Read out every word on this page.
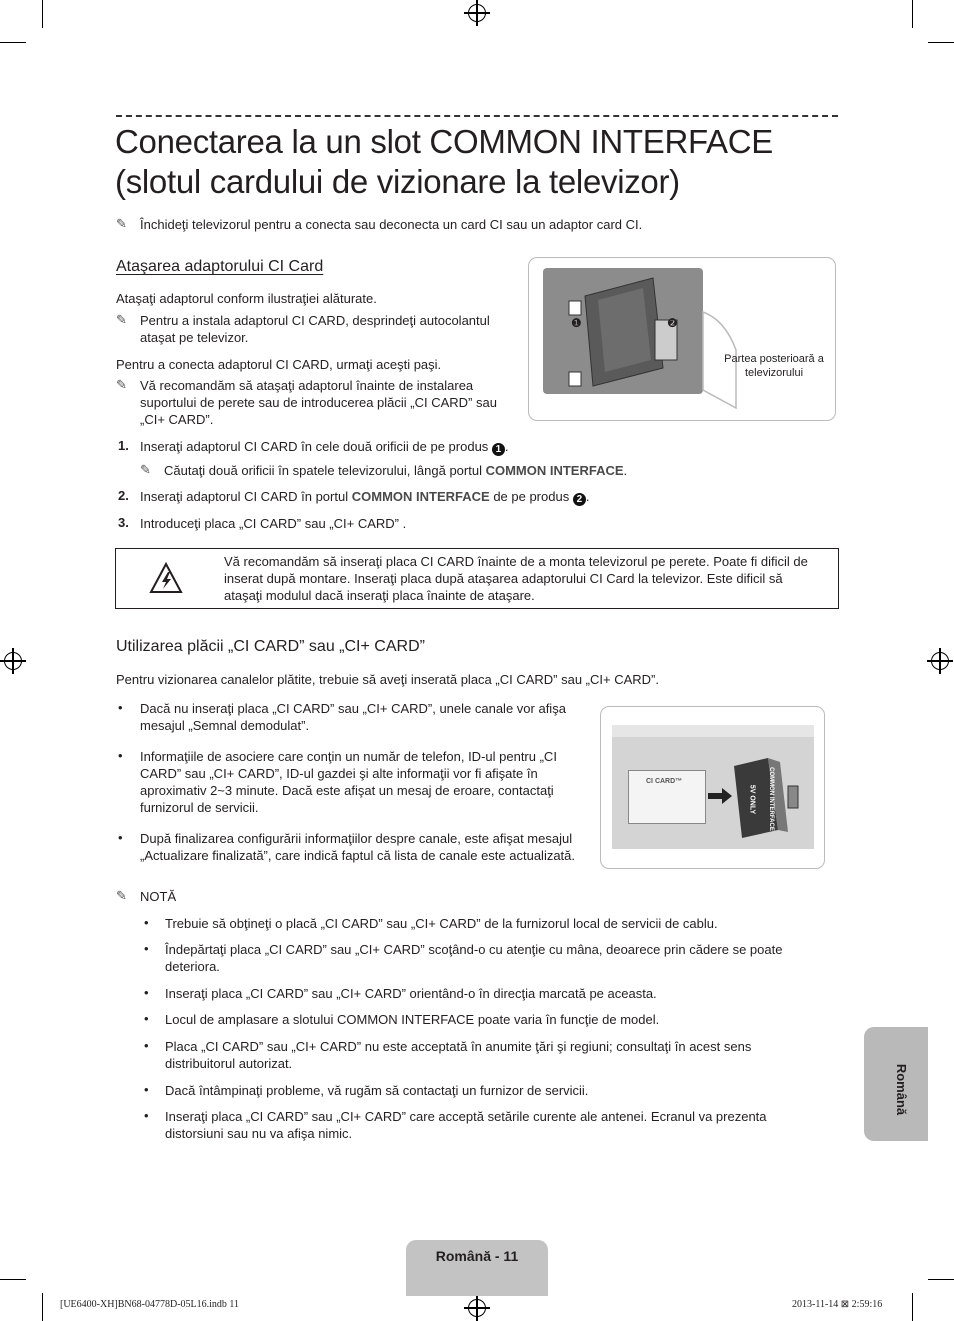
Conectarea la un slot COMMON INTERFACE (slotul cardului de vizionare la televizor)
✎ Închideţi televizorul pentru a conecta sau deconecta un card CI sau un adaptor card CI.
Ataşarea adaptorului CI Card
Ataşaţi adaptorul conform ilustraţiei alăturate.
✎ Pentru a instala adaptorul CI CARD, desprindeţi autocolantul ataşat pe televizor.
Pentru a conecta adaptorul CI CARD, urmaţi aceşti paşi.
✎ Vă recomandăm să ataşaţi adaptorul înainte de instalarea suportului de perete sau de introducerea plăcii „CI CARD” sau „CI+ CARD”.
❶	❷
Partea posterioară a televizorului
1. Inseraţi adaptorul CI CARD în cele două orificii de pe produs 1 .
✎ Căutaţi două orificii în spatele televizorului, lângă portul COMMON INTERFACE.
2. Inseraţi adaptorul CI CARD în portul COMMON INTERFACE de pe produs 2 .
3. Introduceţi placa „CI CARD” sau „CI+ CARD” .
Vă recomandăm să inseraţi placa CI CARD înainte de a monta televizorul pe perete. Poate fi dificil de inserat după montare. Inseraţi placa după ataşarea adaptorului CI Card la televizor. Este dificil să ataşaţi modulul dacă inseraţi placa înainte de ataşare.
Utilizarea plăcii „CI CARD” sau „CI+ CARD”
Pentru vizionarea canalelor plătite, trebuie să aveţi inserată placa „CI CARD” sau „CI+ CARD”.
• Dacă nu inseraţi placa „CI CARD” sau „CI+ CARD”, unele canale vor afişa mesajul „Semnal demodulat”.
• Informaţiile de asociere care conţin un număr de telefon, ID-ul pentru „CI CARD” sau „CI+ CARD”, ID-ul gazdei şi alte informaţii vor fi afişate în aproximativ 2~3 minute. Dacă este afişat un mesaj de eroare, contactaţi furnizorul de servicii.
• După finalizarea configurării informaţiilor despre canale, este afişat mesajul „Actualizare finalizată”, care indică faptul că lista de canale este actualizată.
CI CARD™	COMMON INTERFACE
5V ONLY
✎ NOTĂ
• Trebuie să obţineţi o placă „CI CARD” sau „CI+ CARD” de la furnizorul local de servicii de cablu.
• Îndepărtaţi placa „CI CARD” sau „CI+ CARD” scoţând-o cu atenţie cu mâna, deoarece prin cădere se poate deteriora.
• Inseraţi placa „CI CARD” sau „CI+ CARD” orientând-o în direcţia marcată pe aceasta.
• Locul de amplasare a slotului COMMON INTERFACE poate varia în funcţie de model.
• Placa „CI CARD” sau „CI+ CARD” nu este acceptată în anumite ţări şi regiuni; consultaţi în acest sens distribuitorul autorizat.
• Dacă întâmpinaţi probleme, vă rugăm să contactaţi un furnizor de servicii.
• Inseraţi placa „CI CARD” sau „CI+ CARD” care acceptă setările curente ale antenei. Ecranul va prezenta distorsiuni sau nu va afişa nimic.
Română
Română - 11
[UE6400-XH]BN68-04778D-05L16.indb 11	2013-11-14 ⊠ 2:59:16
